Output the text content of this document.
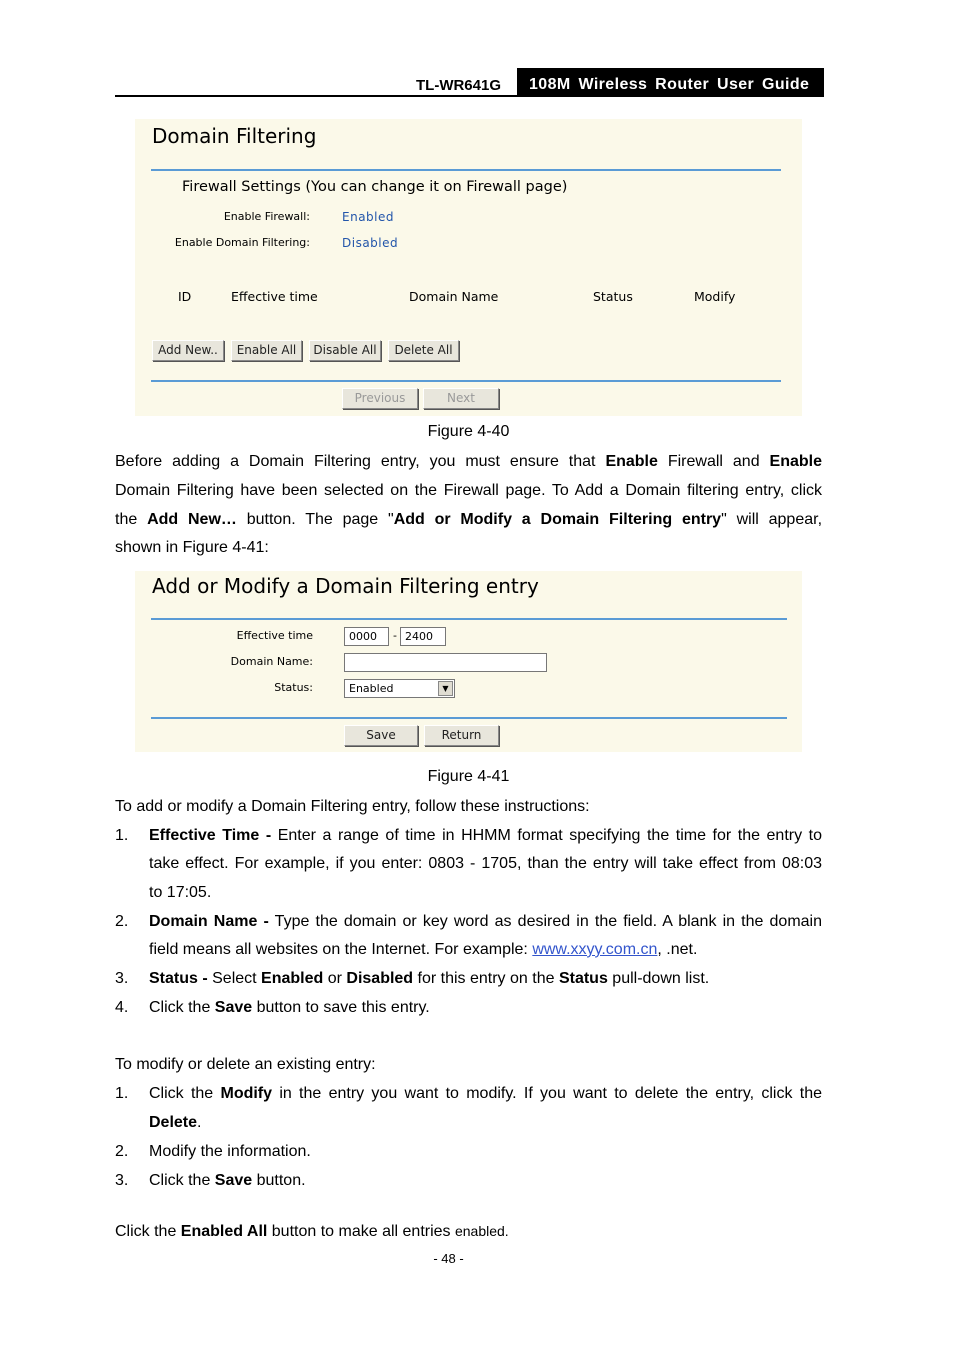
TL-WR641G	108M Wireless Router User Guide
Domain Filtering
Firewall Settings (You can change it on Firewall page)
Enable Firewall:	Enabled
Enable Domain Filtering:	Disabled
ID	Effective time	Domain Name	Status	Modify
Add New..	Enable All	Disable All	Delete All
Previous	Next
Figure 4-40
Before adding a Domain Filtering entry, you must ensure that Enable Firewall and Enable
Domain Filtering have been selected on the Firewall page. To Add a Domain filtering entry, click
the Add New… button. The page "Add or Modify a Domain Filtering entry" will appear,
shown in Figure 4-41:
Add or Modify a Domain Filtering entry
Effective time	0000	- 2400
Domain Name:
Status:	Enabled	▼
Save	Return
Figure 4-41
To add or modify a Domain Filtering entry, follow these instructions:
1. Effective Time - Enter a range of time in HHMM format specifying the time for the entry to
take effect. For example, if you enter: 0803 - 1705, than the entry will take effect from 08:03
to 17:05.
2. Domain Name - Type the domain or key word as desired in the field. A blank in the domain
field means all websites on the Internet. For example: www.xxyy.com.cn, .net.
3. Status - Select Enabled or Disabled for this entry on the Status pull-down list.
4. Click the Save button to save this entry.
To modify or delete an existing entry:
1. Click the Modify in the entry you want to modify. If you want to delete the entry, click the
Delete.
2. Modify the information.
3. Click the Save button.
Click the Enabled All button to make all entries enabled.
- 48 -
